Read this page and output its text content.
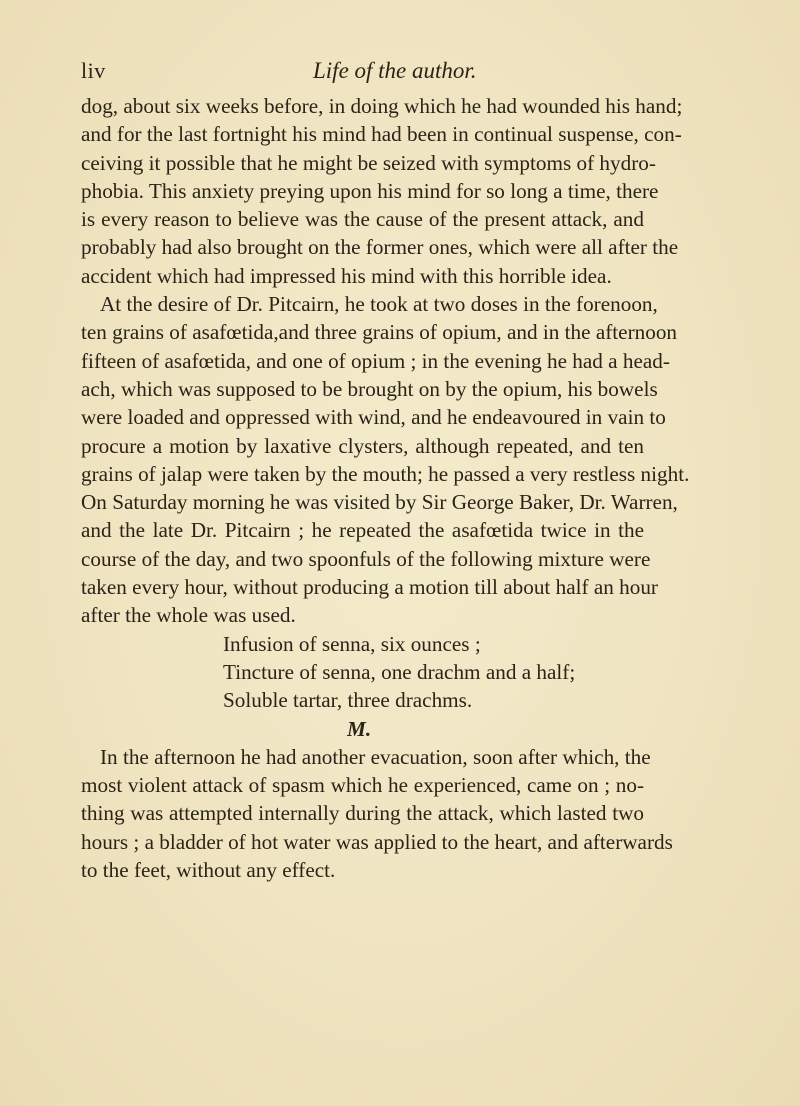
liv	Life of the author.
dog, about six weeks before, in doing which he had wounded his hand;
and for the last fortnight his mind had been in continual suspense, con-
ceiving it possible that he might be seized with symptoms of hydro-
phobia. This anxiety preying upon his mind for so long a time, there
is every reason to believe was the cause of the present attack, and
probably had also brought on the former ones, which were all after the
accident which had impressed his mind with this horrible idea.
At the desire of Dr. Pitcairn, he took at two doses in the forenoon,
ten grains of asafœtida,and three grains of opium, and in the afternoon
fifteen of asafœtida, and one of opium ; in the evening he had a head-
ach, which was supposed to be brought on by the opium, his bowels
were loaded and oppressed with wind, and he endeavoured in vain to
procure a motion by laxative clysters, although repeated, and ten
grains of jalap were taken by the mouth; he passed a very restless night.
On Saturday morning he was visited by Sir George Baker, Dr. Warren,
and the late Dr. Pitcairn ; he repeated the asafœtida twice in the
course of the day, and two spoonfuls of the following mixture were
taken every hour, without producing a motion till about half an hour
after the whole was used.
Infusion of senna, six ounces ;
Tincture of senna, one drachm and a half;
Soluble tartar, three drachms.
M.
In the afternoon he had another evacuation, soon after which, the
most violent attack of spasm which he experienced, came on ; no-
thing was attempted internally during the attack, which lasted two
hours ; a bladder of hot water was applied to the heart, and afterwards
to the feet, without any effect.
